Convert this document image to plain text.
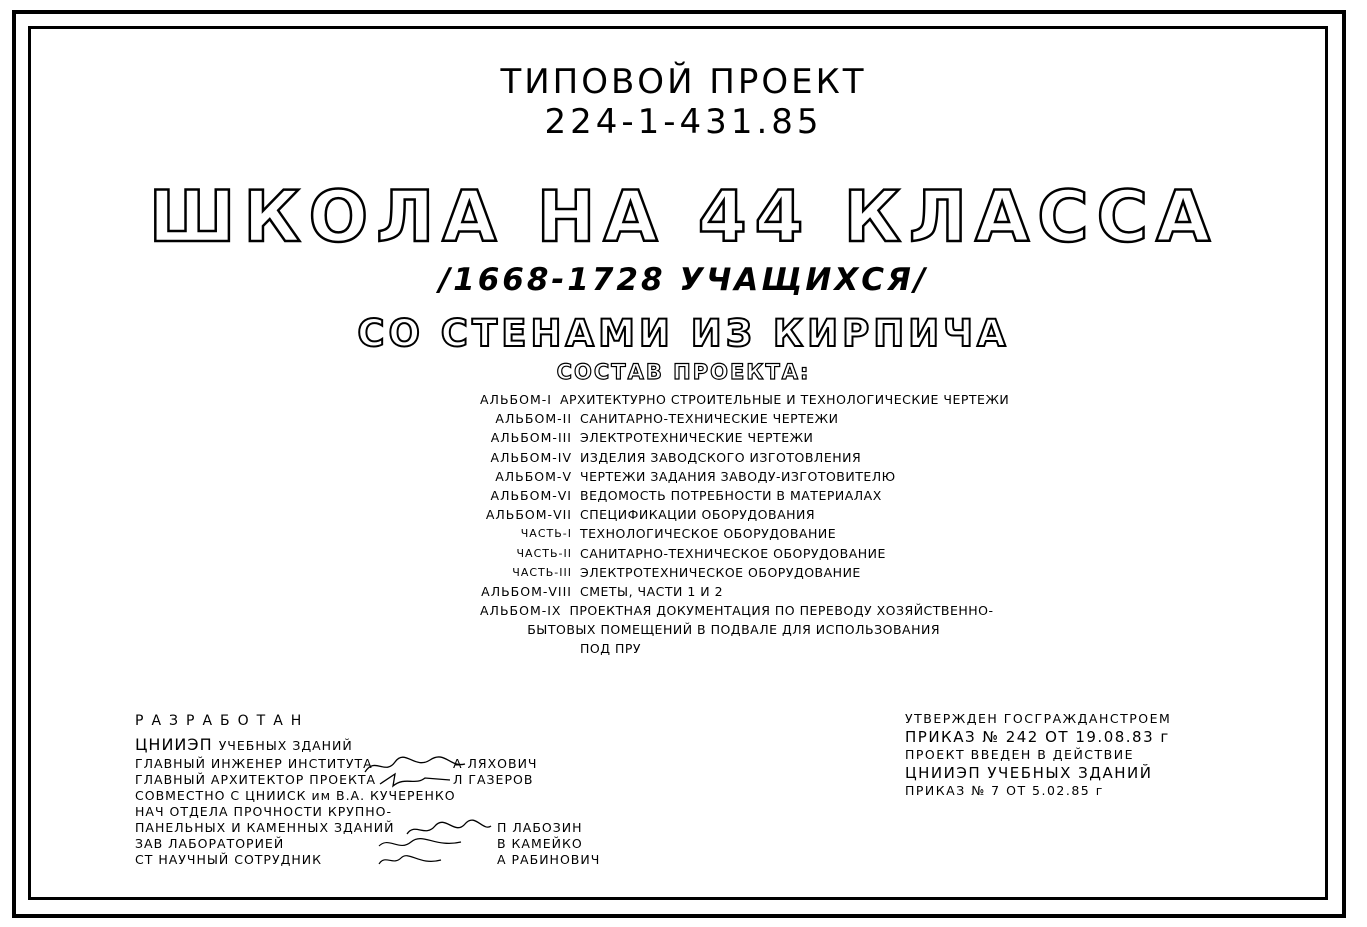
ТИПОВОЙ ПРОЕКТ
224-1-431.85
ШКОЛА НА 44 КЛАССА
/1668-1728 УЧАЩИХСЯ/
СО СТЕНАМИ ИЗ КИРПИЧА
СОСТАВ ПРОЕКТА:
АЛЬБОМ-I АРХИТЕКТУРНО СТРОИТЕЛЬНЫЕ И ТЕХНОЛОГИЧЕСКИЕ ЧЕРТЕЖИ
АЛЬБОМ-II САНИТАРНО-ТЕХНИЧЕСКИЕ ЧЕРТЕЖИ
АЛЬБОМ-III ЭЛЕКТРОТЕХНИЧЕСКИЕ ЧЕРТЕЖИ
АЛЬБОМ-IV ИЗДЕЛИЯ ЗАВОДСКОГО ИЗГОТОВЛЕНИЯ
АЛЬБОМ-V ЧЕРТЕЖИ ЗАДАНИЯ ЗАВОДУ-ИЗГОТОВИТЕЛЮ
АЛЬБОМ-VI ВЕДОМОСТЬ ПОТРЕБНОСТИ В МАТЕРИАЛАХ
АЛЬБОМ-VII СПЕЦИФИКАЦИИ ОБОРУДОВАНИЯ
ЧАСТЬ-I ТЕХНОЛОГИЧЕСКОЕ ОБОРУДОВАНИЕ
ЧАСТЬ-II САНИТАРНО-ТЕХНИЧЕСКОЕ ОБОРУДОВАНИЕ
ЧАСТЬ-III ЭЛЕКТРОТЕХНИЧЕСКОЕ ОБОРУДОВАНИЕ
АЛЬБОМ-VIII СМЕТЫ, ЧАСТИ 1 И 2
АЛЬБОМ-IX ПРОЕКТНАЯ ДОКУМЕНТАЦИЯ ПО ПЕРЕВОДУ ХОЗЯЙСТВЕННО-
БЫТОВЫХ ПОМЕЩЕНИЙ В ПОДВАЛЕ ДЛЯ ИСПОЛЬЗОВАНИЯ
ПОД ПРУ
РАЗРАБОТАН
ЦНИИЭП УЧЕБНЫХ ЗДАНИЙ
ГЛАВНЫЙ ИНЖЕНЕР ИНСТИТУТА	А ЛЯХОВИЧ
ГЛАВНЫЙ АРХИТЕКТОР ПРОЕКТА	Л ГАЗЕРОВ
СОВМЕСТНО С ЦНИИСК им В.А. КУЧЕРЕНКО
НАЧ ОТДЕЛА ПРОЧНОСТИ КРУПНО-
ПАНЕЛЬНЫХ И КАМЕННЫХ ЗДАНИЙ	П ЛАБОЗИН
ЗАВ ЛАБОРАТОРИЕЙ	В КАМЕЙКО
СТ НАУЧНЫЙ СОТРУДНИК	А РАБИНОВИЧ
УТВЕРЖДЕН ГОСГРАЖДАНСТРОЕМ
ПРИКАЗ № 242 ОТ 19.08.83 г
ПРОЕКТ ВВЕДЕН В ДЕЙСТВИЕ
ЦНИИЭП УЧЕБНЫХ ЗДАНИЙ
ПРИКАЗ № 7 ОТ 5.02.85 г
